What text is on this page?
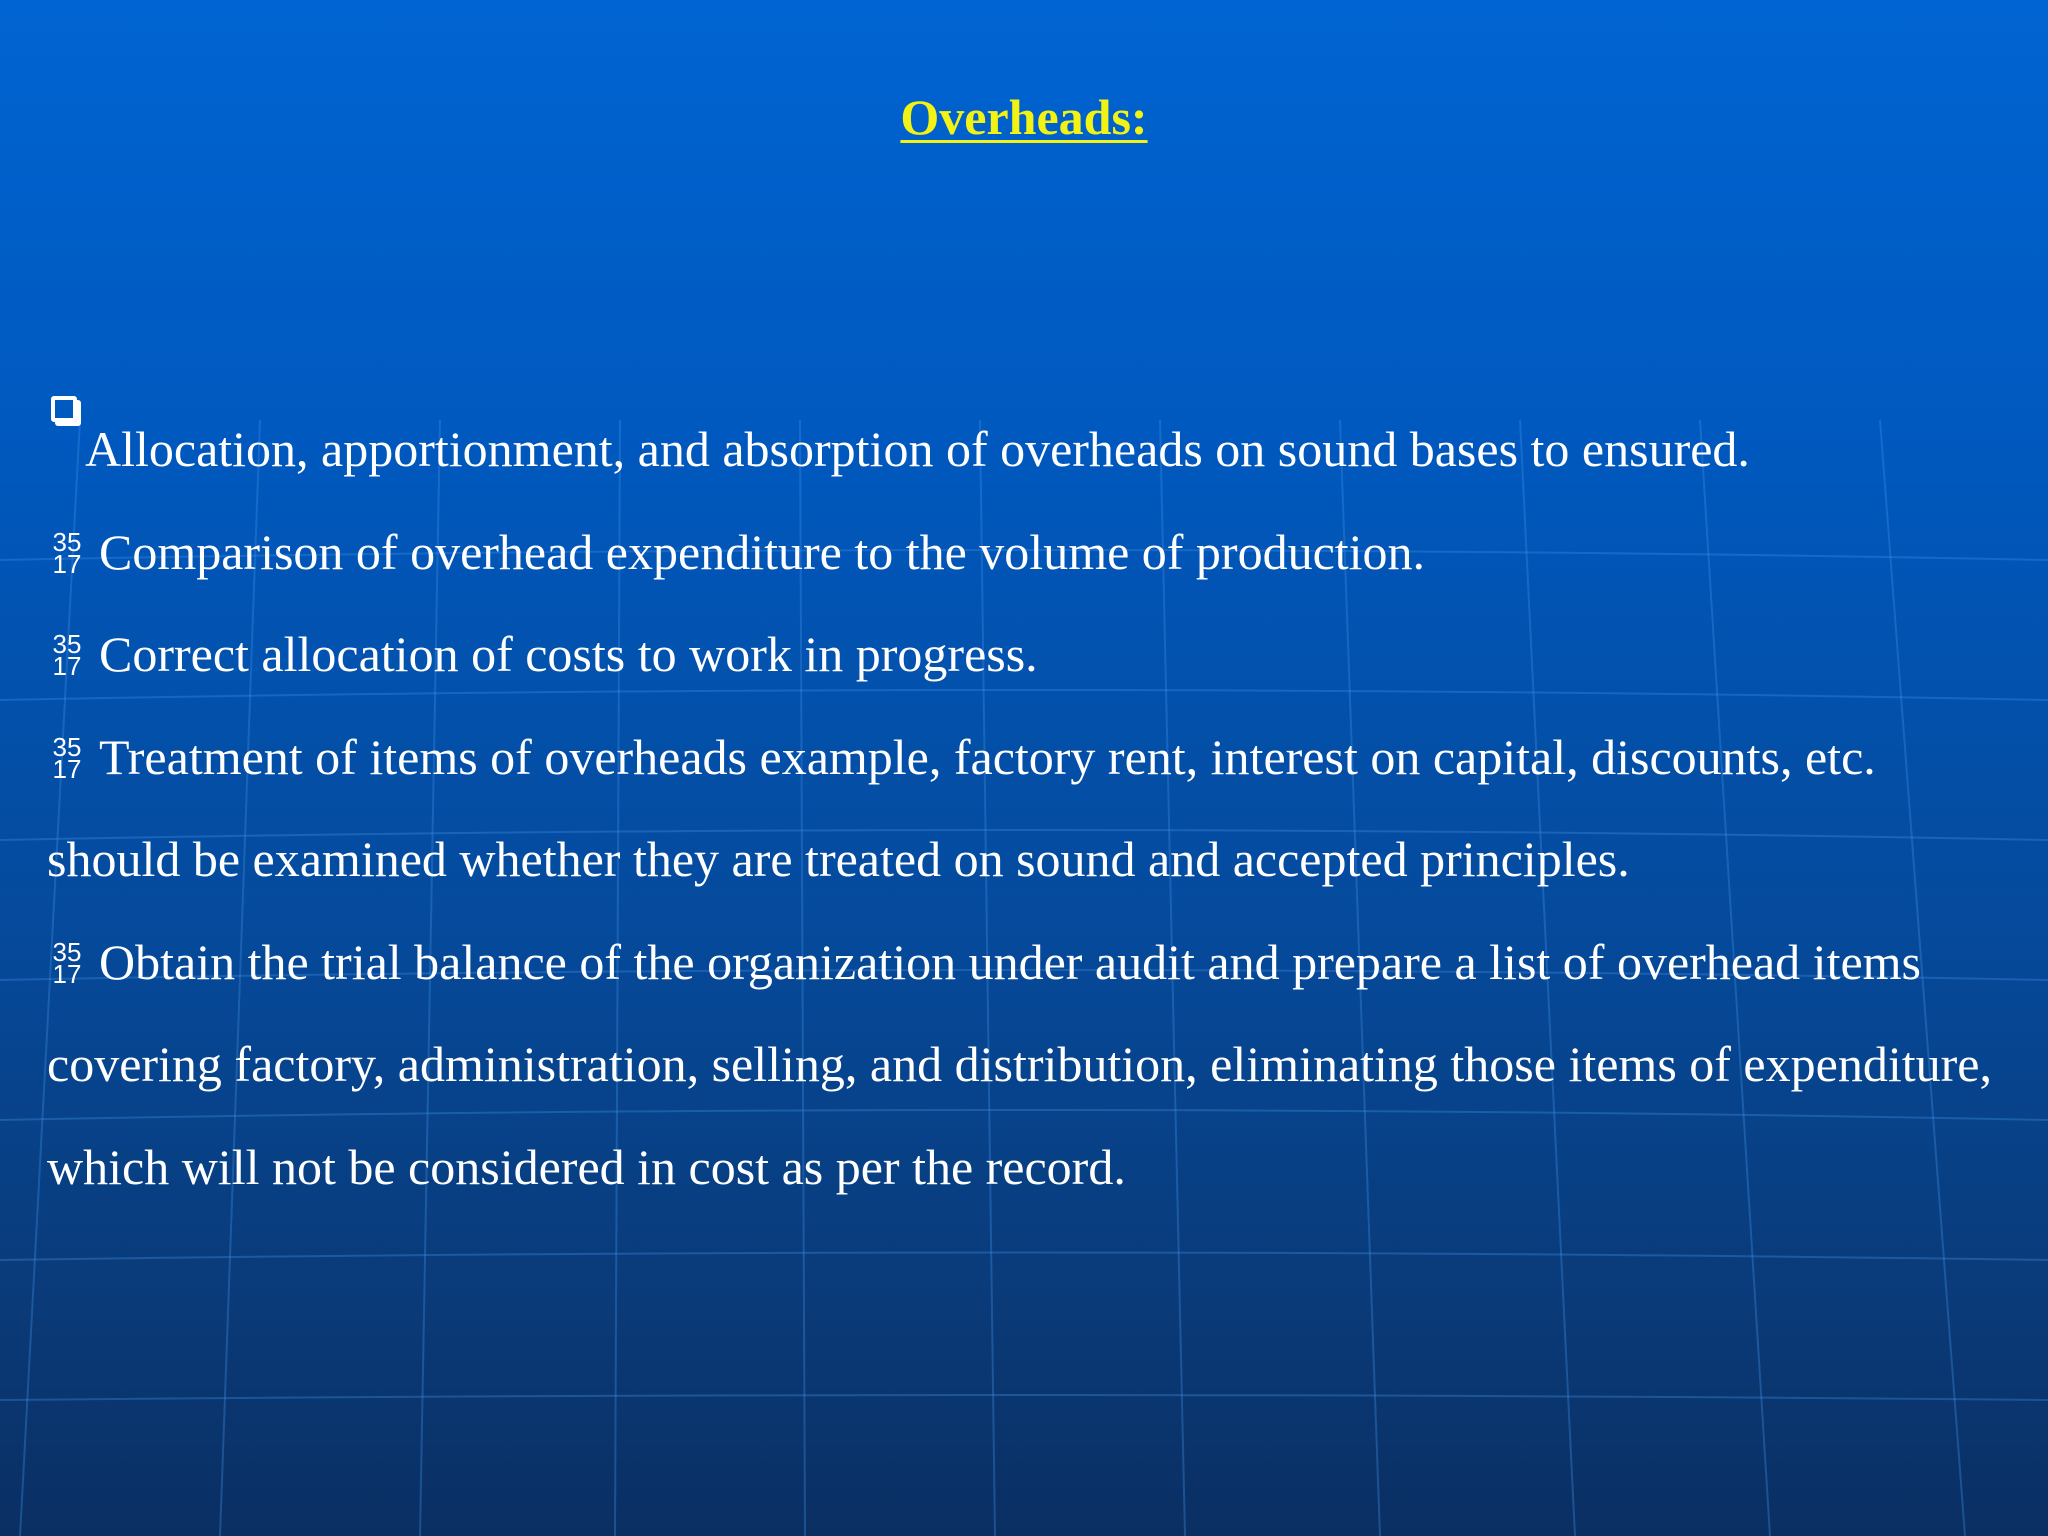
Overheads:

Allocation, apportionment, and absorption of overheads on sound bases to ensured.

35
17 Comparison of overhead expenditure to the volume of production.

35
17 Correct allocation of costs to work in progress.

35
17 Treatment of items of overheads example, factory rent, interest on capital, discounts, etc. should be examined whether they are treated on sound and accepted principles.

35
17 Obtain the trial balance of the organization under audit and prepare a list of overhead items covering factory, administration, selling, and distribution, eliminating those items of expenditure, which will not be considered in cost as per the record.
